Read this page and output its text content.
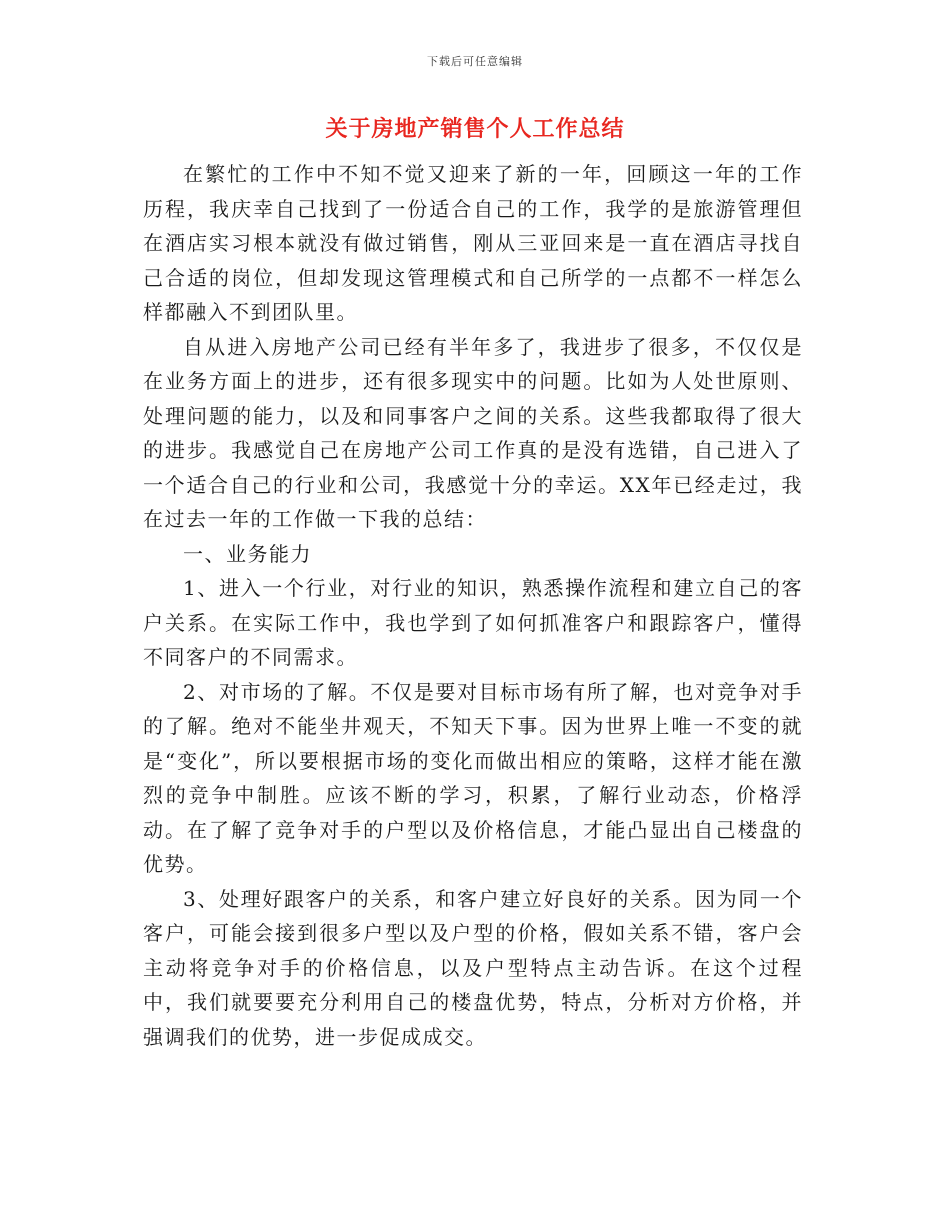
下载后可任意编辑
关于房地产销售个人工作总结

在繁忙的工作中不知不觉又迎来了新的一年，回顾这一年的工作历程，我庆幸自己找到了一份适合自己的工作，我学的是旅游管理但在酒店实习根本就没有做过销售，刚从三亚回来是一直在酒店寻找自己合适的岗位，但却发现这管理模式和自己所学的一点都不一样怎么样都融入不到团队里。

自从进入房地产公司已经有半年多了，我进步了很多，不仅仅是在业务方面上的进步，还有很多现实中的问题。比如为人处世原则、处理问题的能力，以及和同事客户之间的关系。这些我都取得了很大的进步。我感觉自己在房地产公司工作真的是没有选错，自己进入了一个适合自己的行业和公司，我感觉十分的幸运。XX年已经走过，我在过去一年的工作做一下我的总结：

一、业务能力

1、进入一个行业，对行业的知识，熟悉操作流程和建立自己的客户关系。在实际工作中，我也学到了如何抓准客户和跟踪客户，懂得不同客户的不同需求。

2、对市场的了解。不仅是要对目标市场有所了解，也对竞争对手的了解。绝对不能坐井观天，不知天下事。因为世界上唯一不变的就是“变化”，所以要根据市场的变化而做出相应的策略，这样才能在激烈的竞争中制胜。应该不断的学习，积累，了解行业动态，价格浮动。在了解了竞争对手的户型以及价格信息，才能凸显出自己楼盘的优势。

3、处理好跟客户的关系，和客户建立好良好的关系。因为同一个客户，可能会接到很多户型以及户型的价格，假如关系不错，客户会主动将竞争对手的价格信息，以及户型特点主动告诉。在这个过程中，我们就要要充分利用自己的楼盘优势，特点，分析对方价格，并强调我们的优势，进一步促成成交。
